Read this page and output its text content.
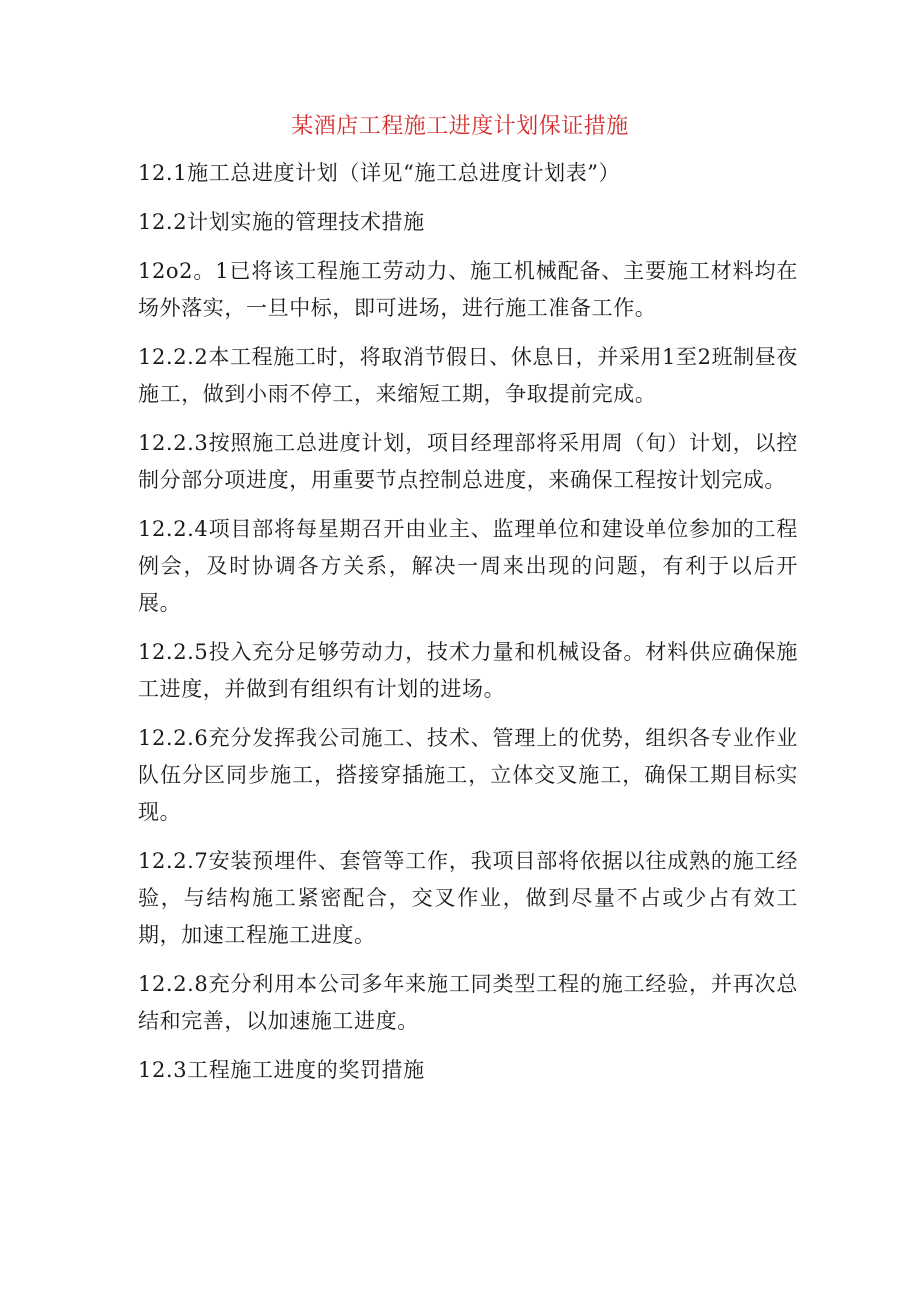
某酒店工程施工进度计划保证措施

12.1施工总进度计划（详见“施工总进度计划表”）

12.2计划实施的管理技术措施

12o2。1已将该工程施工劳动力、施工机械配备、主要施工材料均在场外落实，一旦中标，即可进场，进行施工准备工作。

12.2.2本工程施工时，将取消节假日、休息日，并采用1至2班制昼夜施工，做到小雨不停工，来缩短工期，争取提前完成。

12.2.3按照施工总进度计划，项目经理部将采用周（旬）计划，以控制分部分项进度，用重要节点控制总进度，来确保工程按计划完成。

12.2.4项目部将每星期召开由业主、监理单位和建设单位参加的工程例会，及时协调各方关系，解决一周来出现的问题，有利于以后开展。

12.2.5投入充分足够劳动力，技术力量和机械设备。材料供应确保施工进度，并做到有组织有计划的进场。

12.2.6充分发挥我公司施工、技术、管理上的优势，组织各专业作业队伍分区同步施工，搭接穿插施工，立体交叉施工，确保工期目标实现。

12.2.7安装预埋件、套管等工作，我项目部将依据以往成熟的施工经验，与结构施工紧密配合，交叉作业，做到尽量不占或少占有效工期，加速工程施工进度。

12.2.8充分利用本公司多年来施工同类型工程的施工经验，并再次总结和完善，以加速施工进度。

12.3工程施工进度的奖罚措施
